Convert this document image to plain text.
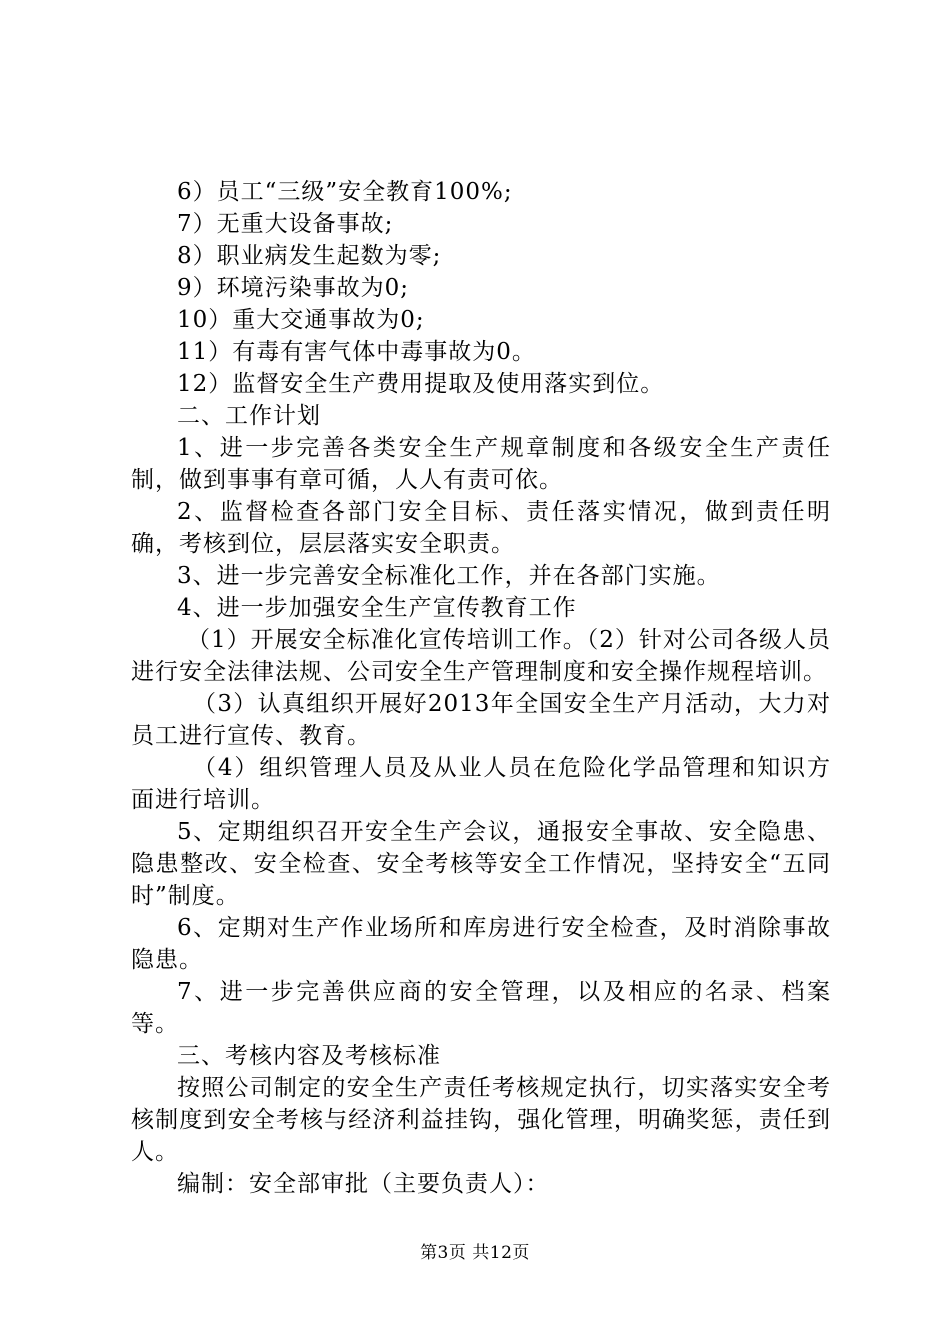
6）员工“三级”安全教育100%;

7）无重大设备事故;

8）职业病发生起数为零;

9）环境污染事故为0;

10）重大交通事故为0;

11）有毒有害气体中毒事故为0。

12）监督安全生产费用提取及使用落实到位。

二、工作计划

1、进一步完善各类安全生产规章制度和各级安全生产责任制，做到事事有章可循，人人有责可依。

2、监督检查各部门安全目标、责任落实情况，做到责任明确，考核到位，层层落实安全职责。

3、进一步完善安全标准化工作，并在各部门实施。

4、进一步加强安全生产宣传教育工作

（1）开展安全标准化宣传培训工作。（2）针对公司各级人员进行安全法律法规、公司安全生产管理制度和安全操作规程培训。

（3）认真组织开展好2013年全国安全生产月活动，大力对员工进行宣传、教育。

（4）组织管理人员及从业人员在危险化学品管理和知识方面进行培训。

5、定期组织召开安全生产会议，通报安全事故、安全隐患、隐患整改、安全检查、安全考核等安全工作情况，坚持安全“五同时”制度。

6、定期对生产作业场所和库房进行安全检查，及时消除事故隐患。

7、进一步完善供应商的安全管理，以及相应的名录、档案等。

三、考核内容及考核标准

按照公司制定的安全生产责任考核规定执行，切实落实安全考核制度到安全考核与经济利益挂钩，强化管理，明确奖惩，责任到人。

编制：安全部审批（主要负责人）：

第3页 共12页
